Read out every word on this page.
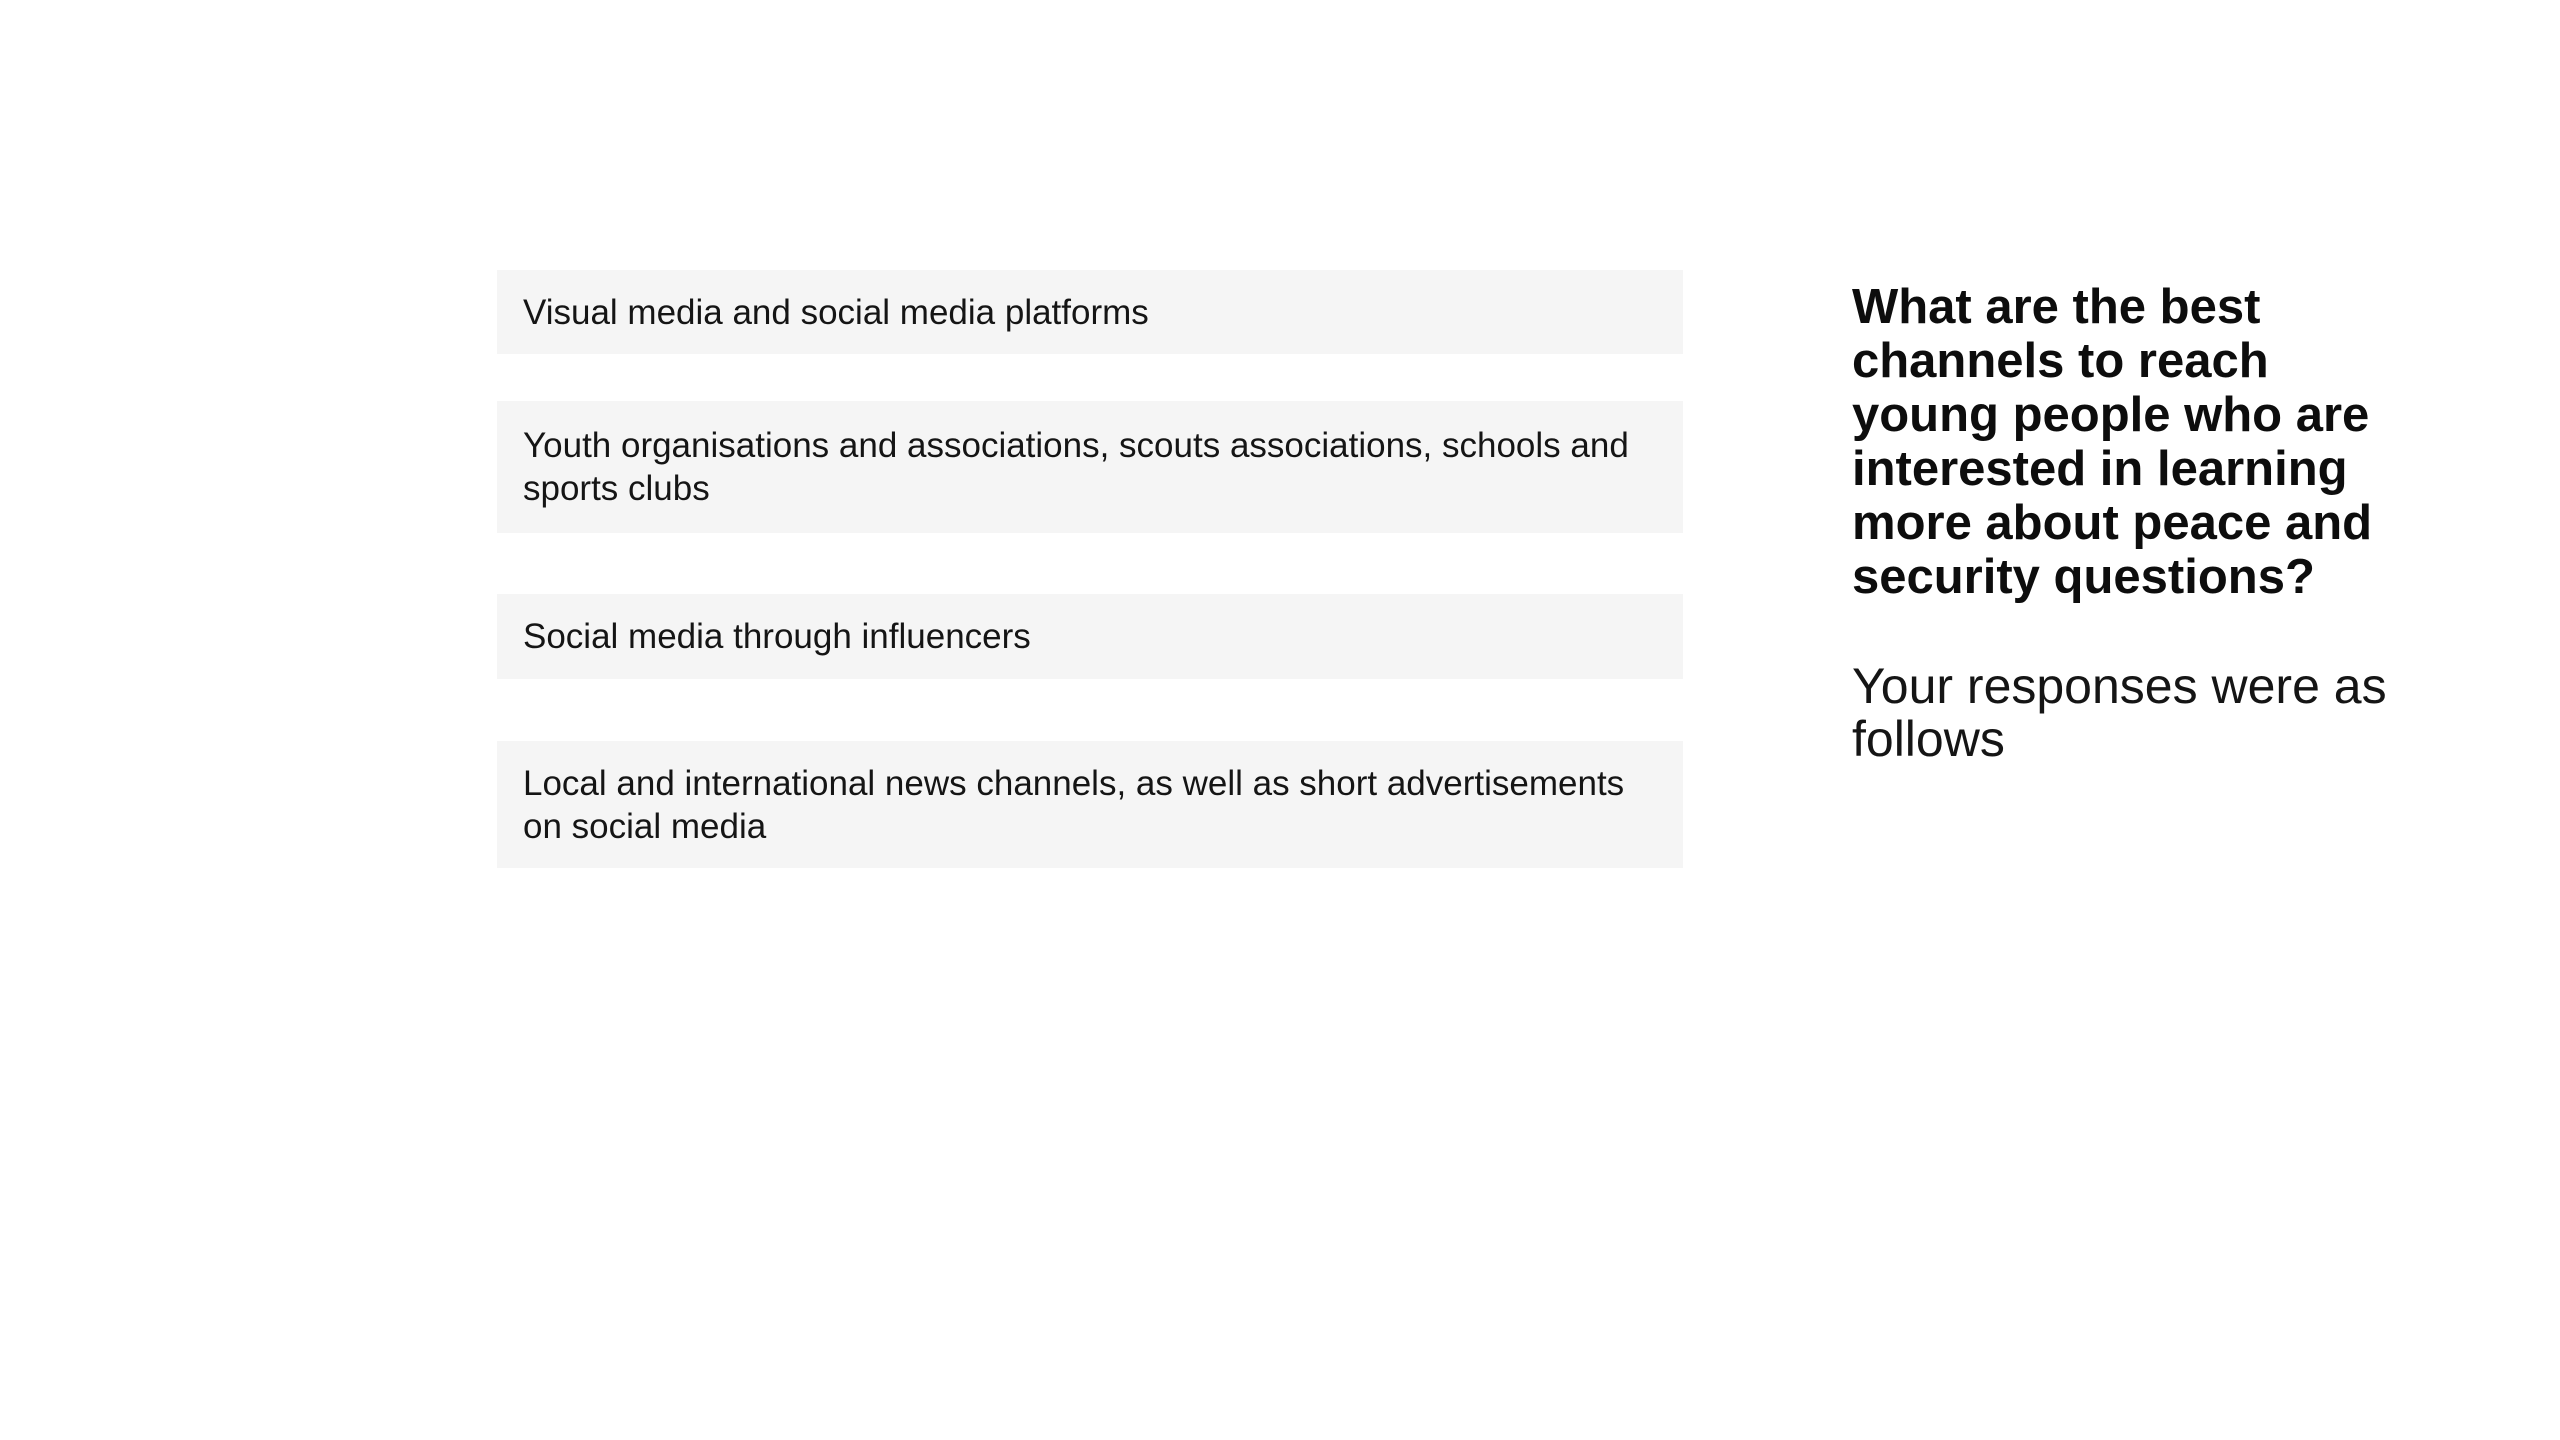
Visual media and social media platforms
Youth organisations and associations, scouts associations, schools and sports clubs
Social media through influencers
Local and international news channels, as well as short advertisements on social media
What are the best channels to reach young people who are interested in learning more about peace and security questions?

Your responses were as follows
